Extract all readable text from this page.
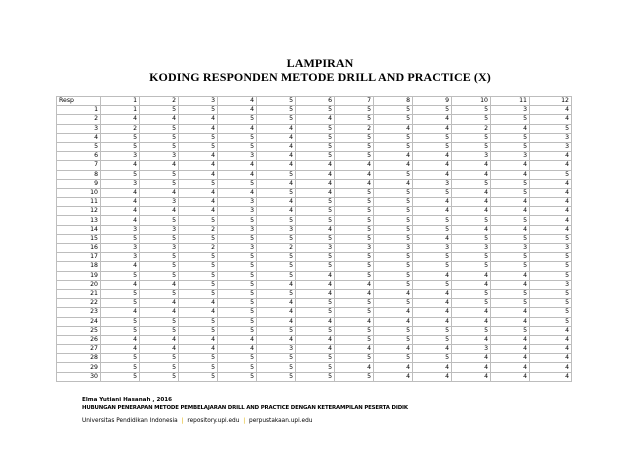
LAMPIRAN
KODING RESPONDEN METODE DRILL AND PRACTICE (X)
Resp	1	2	3	4	5	6	7	8	9	10	11	12
1	1	5	5	4	5	5	5	5	5	5	3	4
2	4	4	4	5	5	4	5	5	4	5	5	4
3	2	5	4	4	4	5	2	4	4	2	4	5
4	5	5	5	5	4	5	5	5	5	5	5	3
5	5	5	5	5	4	5	5	5	5	5	5	3
6	3	3	4	3	4	5	5	4	4	3	3	4
7	4	4	4	4	4	4	4	4	4	4	4	4
8	5	5	4	4	5	4	4	5	4	4	4	5
9	3	5	5	5	4	4	4	4	3	5	5	4
10	4	4	4	4	5	4	5	5	5	4	5	4
11	4	3	4	3	4	5	5	5	4	4	4	4
12	4	4	4	3	4	5	5	5	4	4	4	4
13	4	5	5	5	5	5	5	5	5	5	5	4
14	3	3	2	3	3	4	5	5	5	4	4	4
15	5	5	5	5	5	5	5	5	4	5	5	5
16	3	3	2	3	2	3	3	3	3	3	3	3
17	3	5	5	5	5	5	5	5	5	5	5	5
18	4	5	5	5	5	5	5	5	5	5	5	5
19	5	5	5	5	5	4	5	5	4	4	4	5
20	4	4	5	5	4	4	4	5	5	4	4	3
21	5	5	5	5	5	4	4	4	4	5	5	5
22	5	4	4	5	4	5	5	5	4	5	5	5
23	4	4	4	5	4	5	5	4	4	4	4	5
24	5	5	5	5	4	4	4	4	4	4	4	5
25	5	5	5	5	5	5	5	5	5	5	5	4
26	4	4	4	4	4	4	5	5	5	4	4	4
27	4	4	4	4	3	4	4	4	4	3	4	4
28	5	5	5	5	5	5	5	5	5	4	4	4
29	5	5	5	5	5	5	4	4	4	4	4	4
30	5	5	5	5	5	5	5	4	4	4	4	4
Elma Yutiani Hasanah , 2016
HUBUNGAN PENERAPAN METODE PEMBELAJARAN DRILL AND PRACTICE DENGAN KETERAMPILAN PESERTA DIDIK
Universitas Pendidikan Indonesia | repository.upi.edu | perpustakaan.upi.edu
